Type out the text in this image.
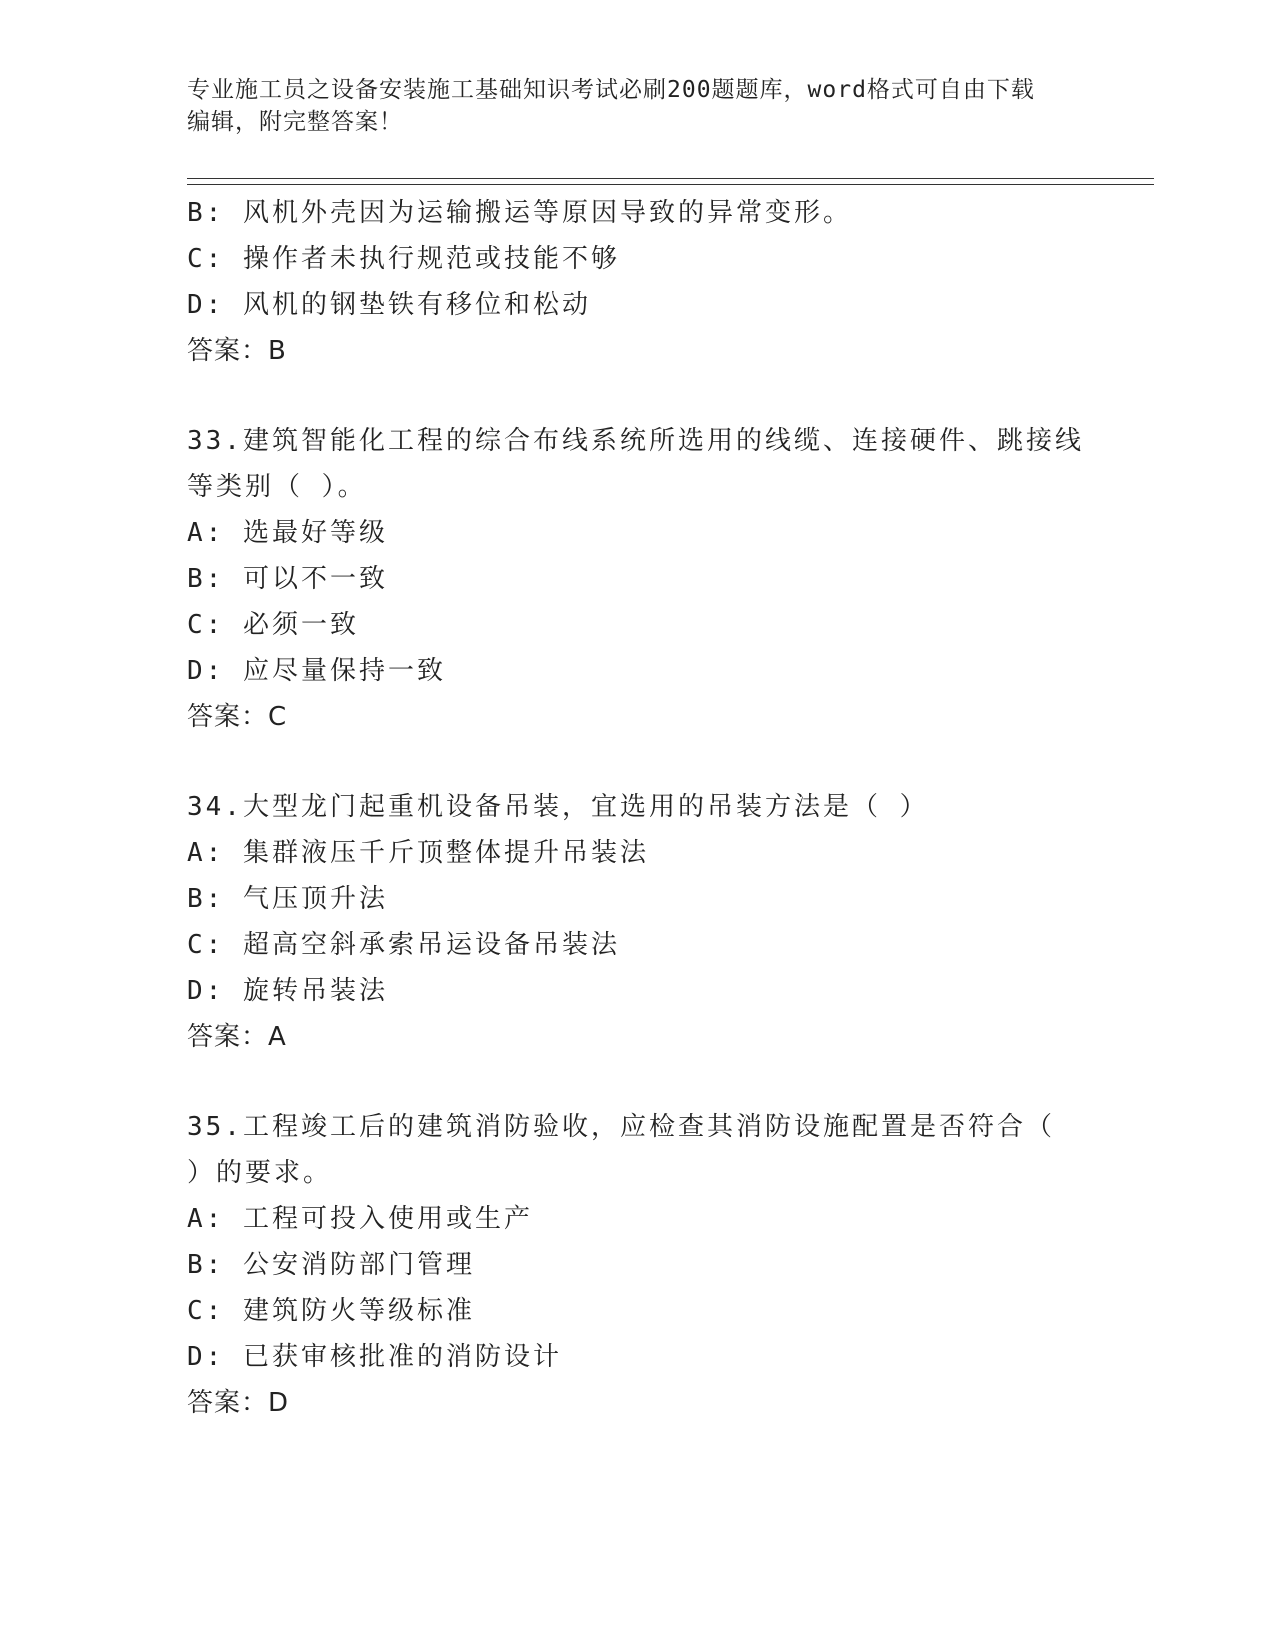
专业施工员之设备安装施工基础知识考试必刷200题题库，word格式可自由下载
编辑，附完整答案！
B: 风机外壳因为运输搬运等原因导致的异常变形。
C: 操作者未执行规范或技能不够
D: 风机的钢垫铁有移位和松动
答案：B
33.建筑智能化工程的综合布线系统所选用的线缆、连接硬件、跳接线
等类别（ ）。
A: 选最好等级
B: 可以不一致
C: 必须一致
D: 应尽量保持一致
答案：C
34.大型龙门起重机设备吊装，宜选用的吊装方法是（ ）
A: 集群液压千斤顶整体提升吊装法
B: 气压顶升法
C: 超高空斜承索吊运设备吊装法
D: 旋转吊装法
答案：A
35.工程竣工后的建筑消防验收，应检查其消防设施配置是否符合（
）的要求。
A: 工程可投入使用或生产
B: 公安消防部门管理
C: 建筑防火等级标准
D: 已获审核批准的消防设计
答案：D
